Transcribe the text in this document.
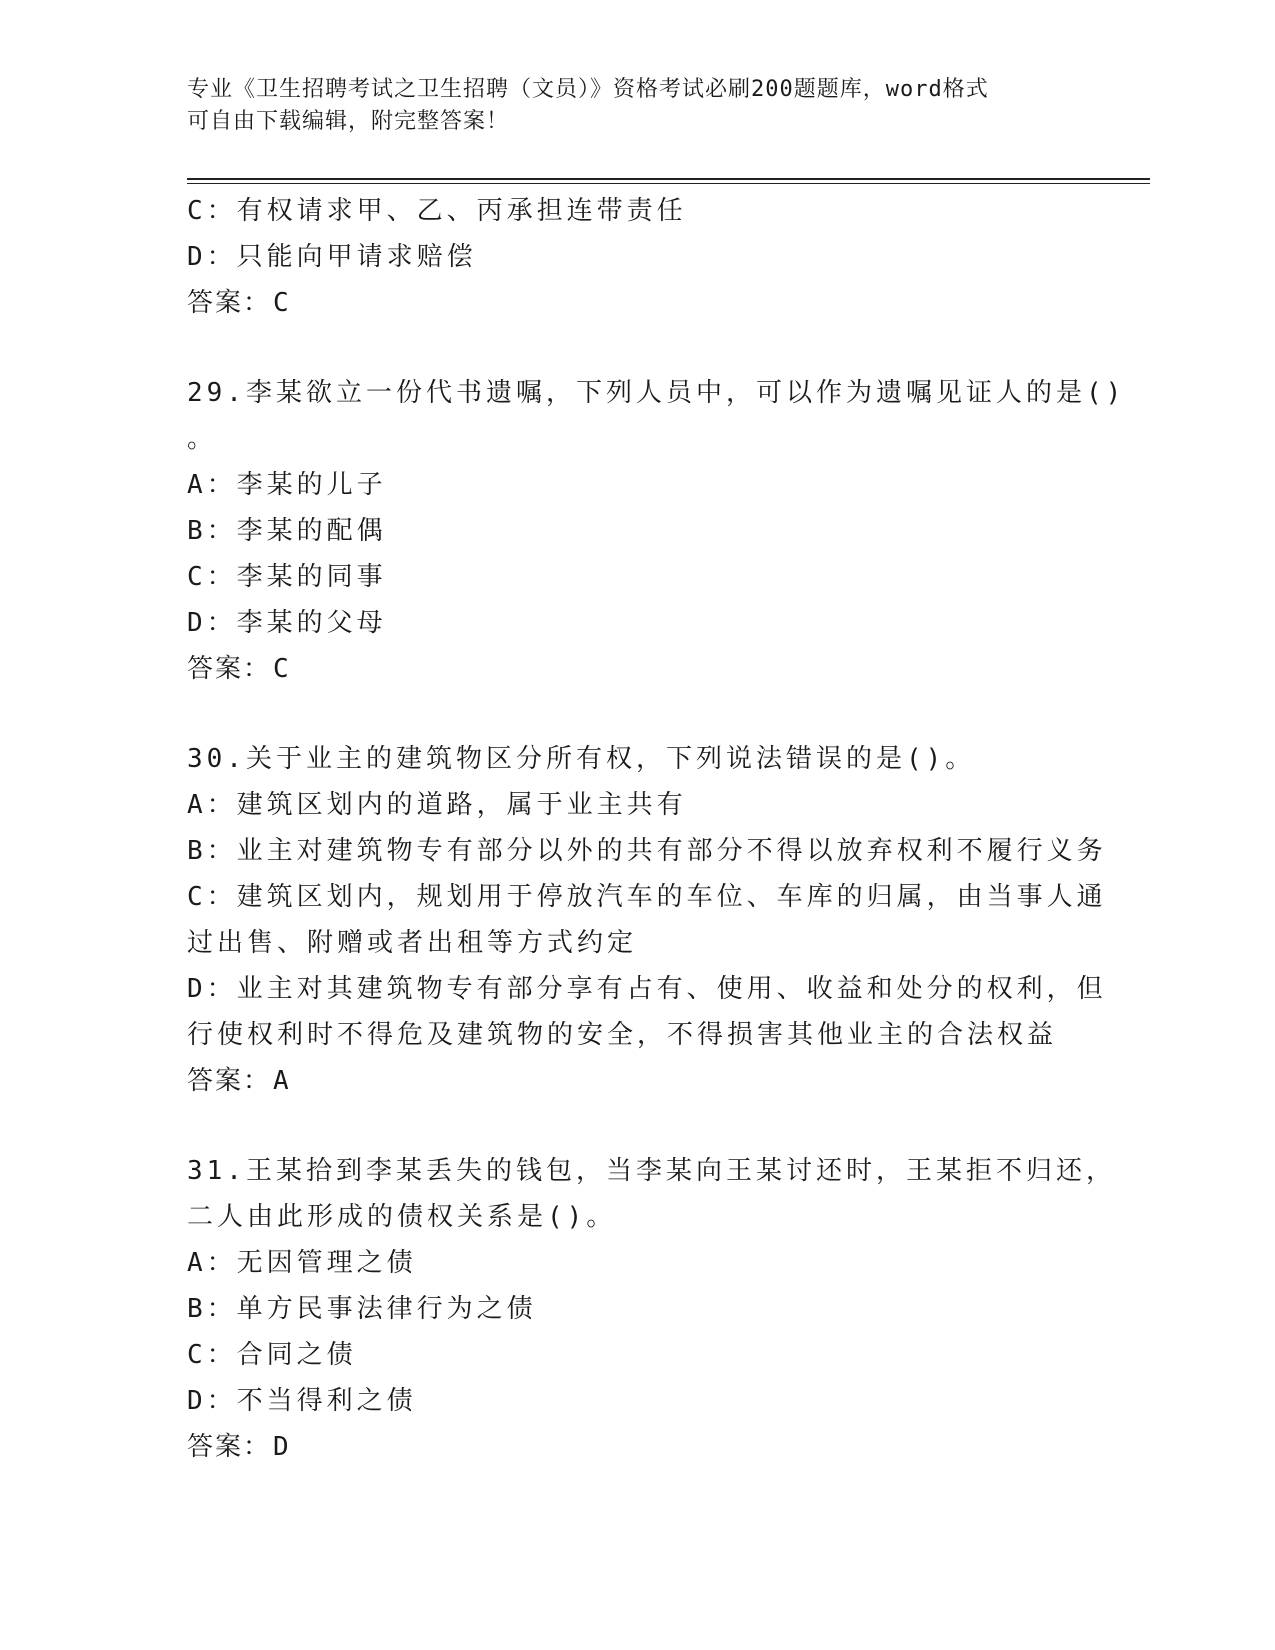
专业《卫生招聘考试之卫生招聘（文员）》资格考试必刷200题题库，word格式
可自由下载编辑，附完整答案！
C：有权请求甲、乙、丙承担连带责任
D：只能向甲请求赔偿
答案：C
29.李某欲立一份代书遗嘱，下列人员中，可以作为遗嘱见证人的是()
。
A：李某的儿子
B：李某的配偶
C：李某的同事
D：李某的父母
答案：C
30.关于业主的建筑物区分所有权，下列说法错误的是()。
A：建筑区划内的道路，属于业主共有
B：业主对建筑物专有部分以外的共有部分不得以放弃权利不履行义务
C：建筑区划内，规划用于停放汽车的车位、车库的归属，由当事人通
过出售、附赠或者出租等方式约定
D：业主对其建筑物专有部分享有占有、使用、收益和处分的权利，但
行使权利时不得危及建筑物的安全，不得损害其他业主的合法权益
答案：A
31.王某拾到李某丢失的钱包，当李某向王某讨还时，王某拒不归还，
二人由此形成的债权关系是()。
A：无因管理之债
B：单方民事法律行为之债
C：合同之债
D：不当得利之债
答案：D
